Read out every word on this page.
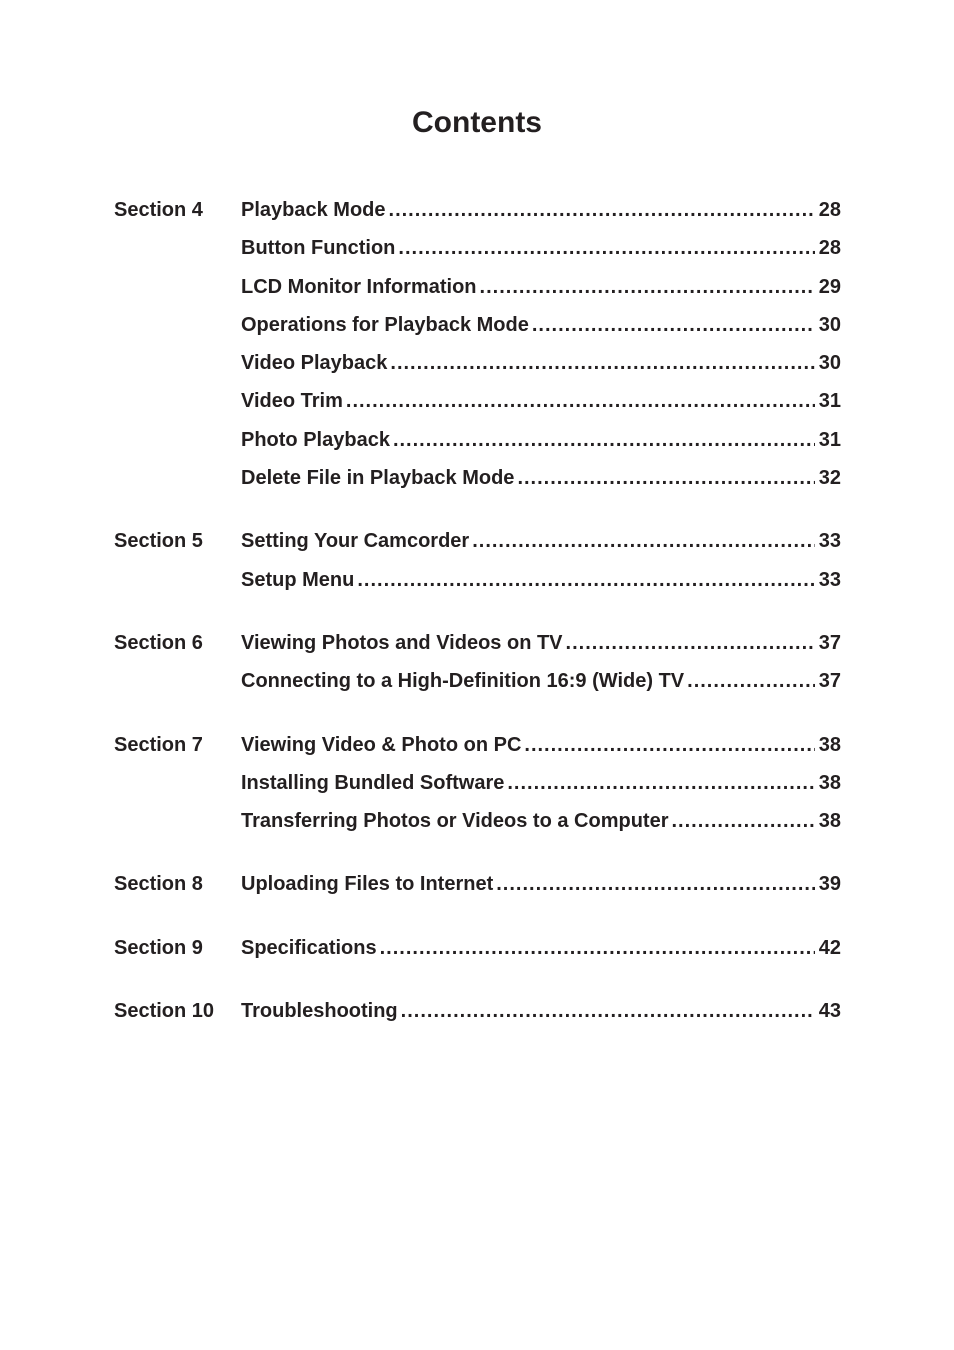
Contents
Section 4 Playback Mode .....	28
Button Function .....	28
LCD Monitor Information .....	29
Operations for Playback Mode .....	30
Video Playback .....	30
Video Trim .....	31
Photo Playback .....	31
Delete File in Playback Mode .....	32
Section 5 Setting Your Camcorder .....	33
Setup Menu .....	33
Section 6 Viewing Photos and Videos on TV .....	37
Connecting to a High-Definition 16:9 (Wide) TV .....	37
Section 7 Viewing Video & Photo on PC .....	38
Installing Bundled Software .....	38
Transferring Photos or Videos to a Computer .....	38
Section 8 Uploading Files to Internet .....	39
Section 9 Specifications .....	42
Section 10 Troubleshooting .....	43
